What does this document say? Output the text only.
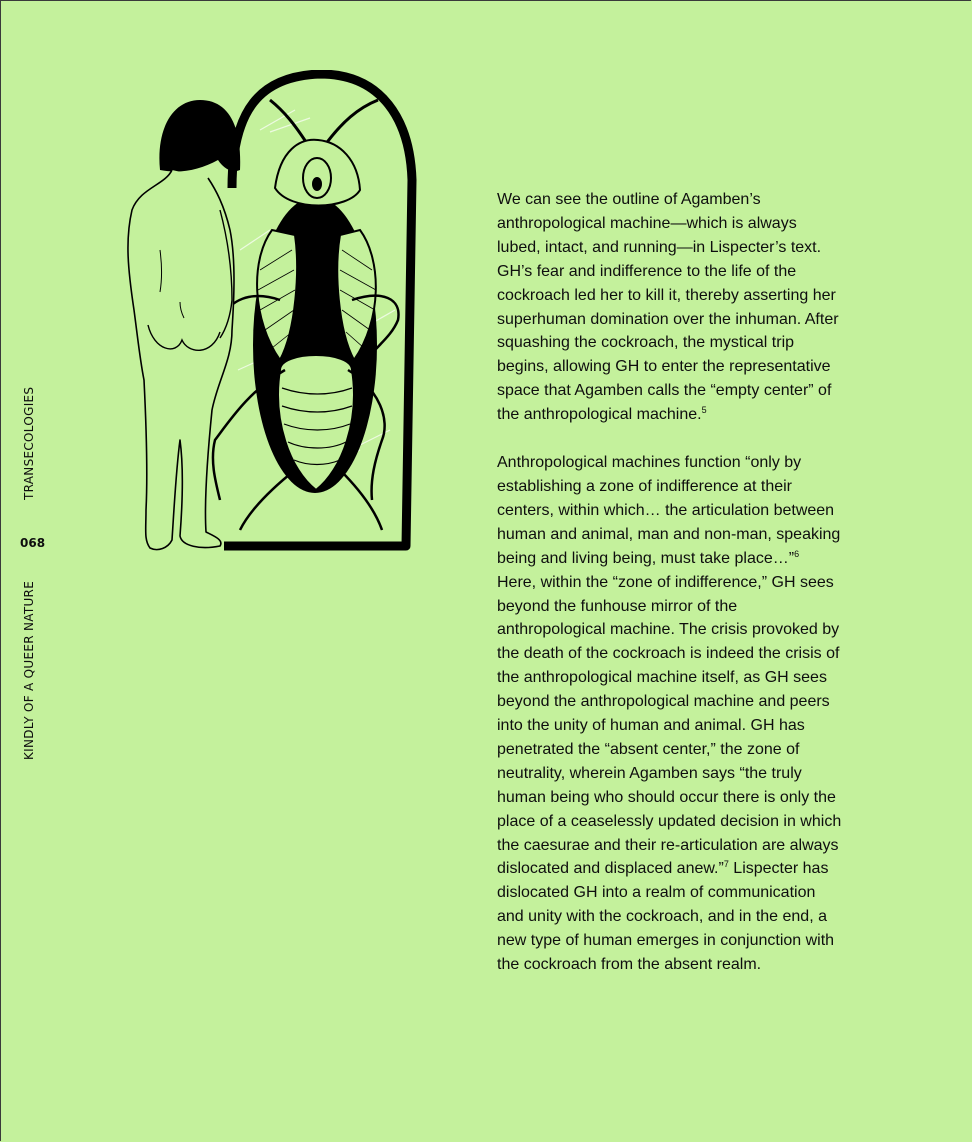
KINDLY OF A QUEER NATURE
TRANSECOLOGIES
068

We can see the outline of Agamben’s anthropological machine—which is always lubed, intact, and running—in Lispecter’s text. GH’s fear and indifference to the life of the cockroach led her to kill it, thereby asserting her superhuman domination over the inhuman. After squashing the cockroach, the mystical trip begins, allowing GH to enter the representative space that Agamben calls the “empty center” of the anthropological machine.$^5$

Anthropological machines function “only by establishing a zone of indifference at their centers, within which… the articulation between human and animal, man and non-man, speaking being and living being, must take place…”$^6$ Here, within the “zone of indifference,” GH sees beyond the funhouse mirror of the anthropological machine. The crisis provoked by the death of the cockroach is indeed the crisis of the anthropological machine itself, as GH sees beyond the anthropological machine and peers into the unity of human and animal. GH has penetrated the “absent center,” the zone of neutrality, wherein Agamben says “the truly human being who should occur there is only the place of a ceaselessly updated decision in which the caesurae and their re-articulation are always dislocated and displaced anew.”$^7$ Lispecter has dislocated GH into a realm of communication and unity with the cockroach, and in the end, a new type of human emerges in conjunction with the cockroach from the absent realm.
